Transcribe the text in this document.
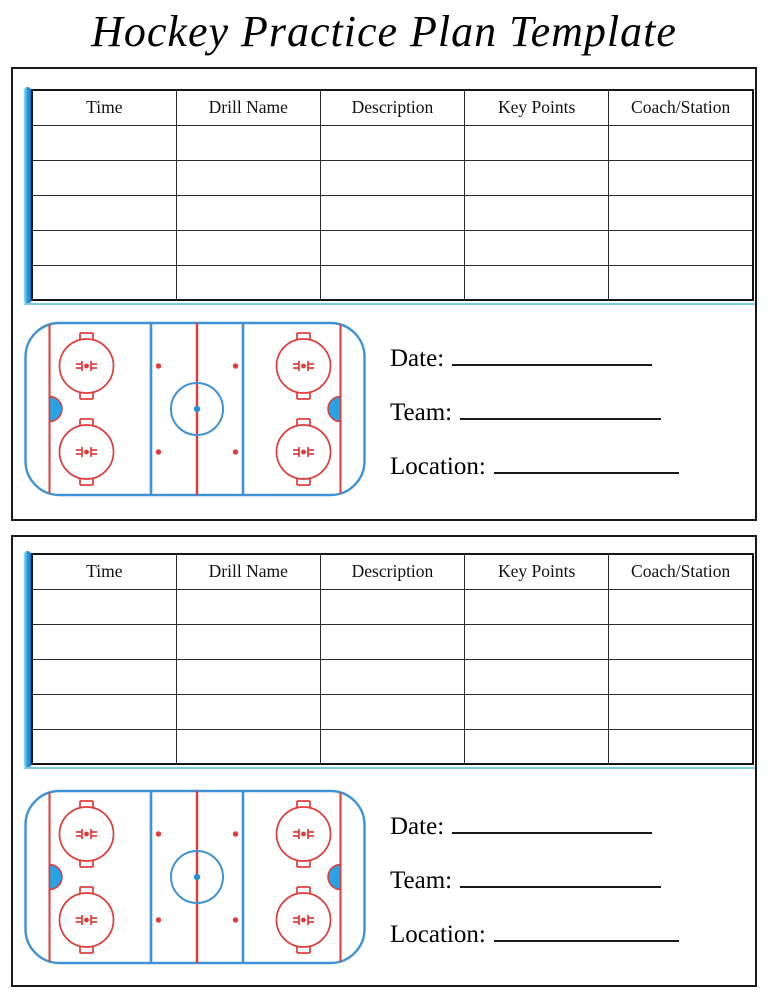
Hockey Practice Plan Template
Time	Drill Name	Description	Key Points	Coach/Station

Date:
Team:
Location:
Time	Drill Name	Description	Key Points	Coach/Station

Date:
Team:
Location:
